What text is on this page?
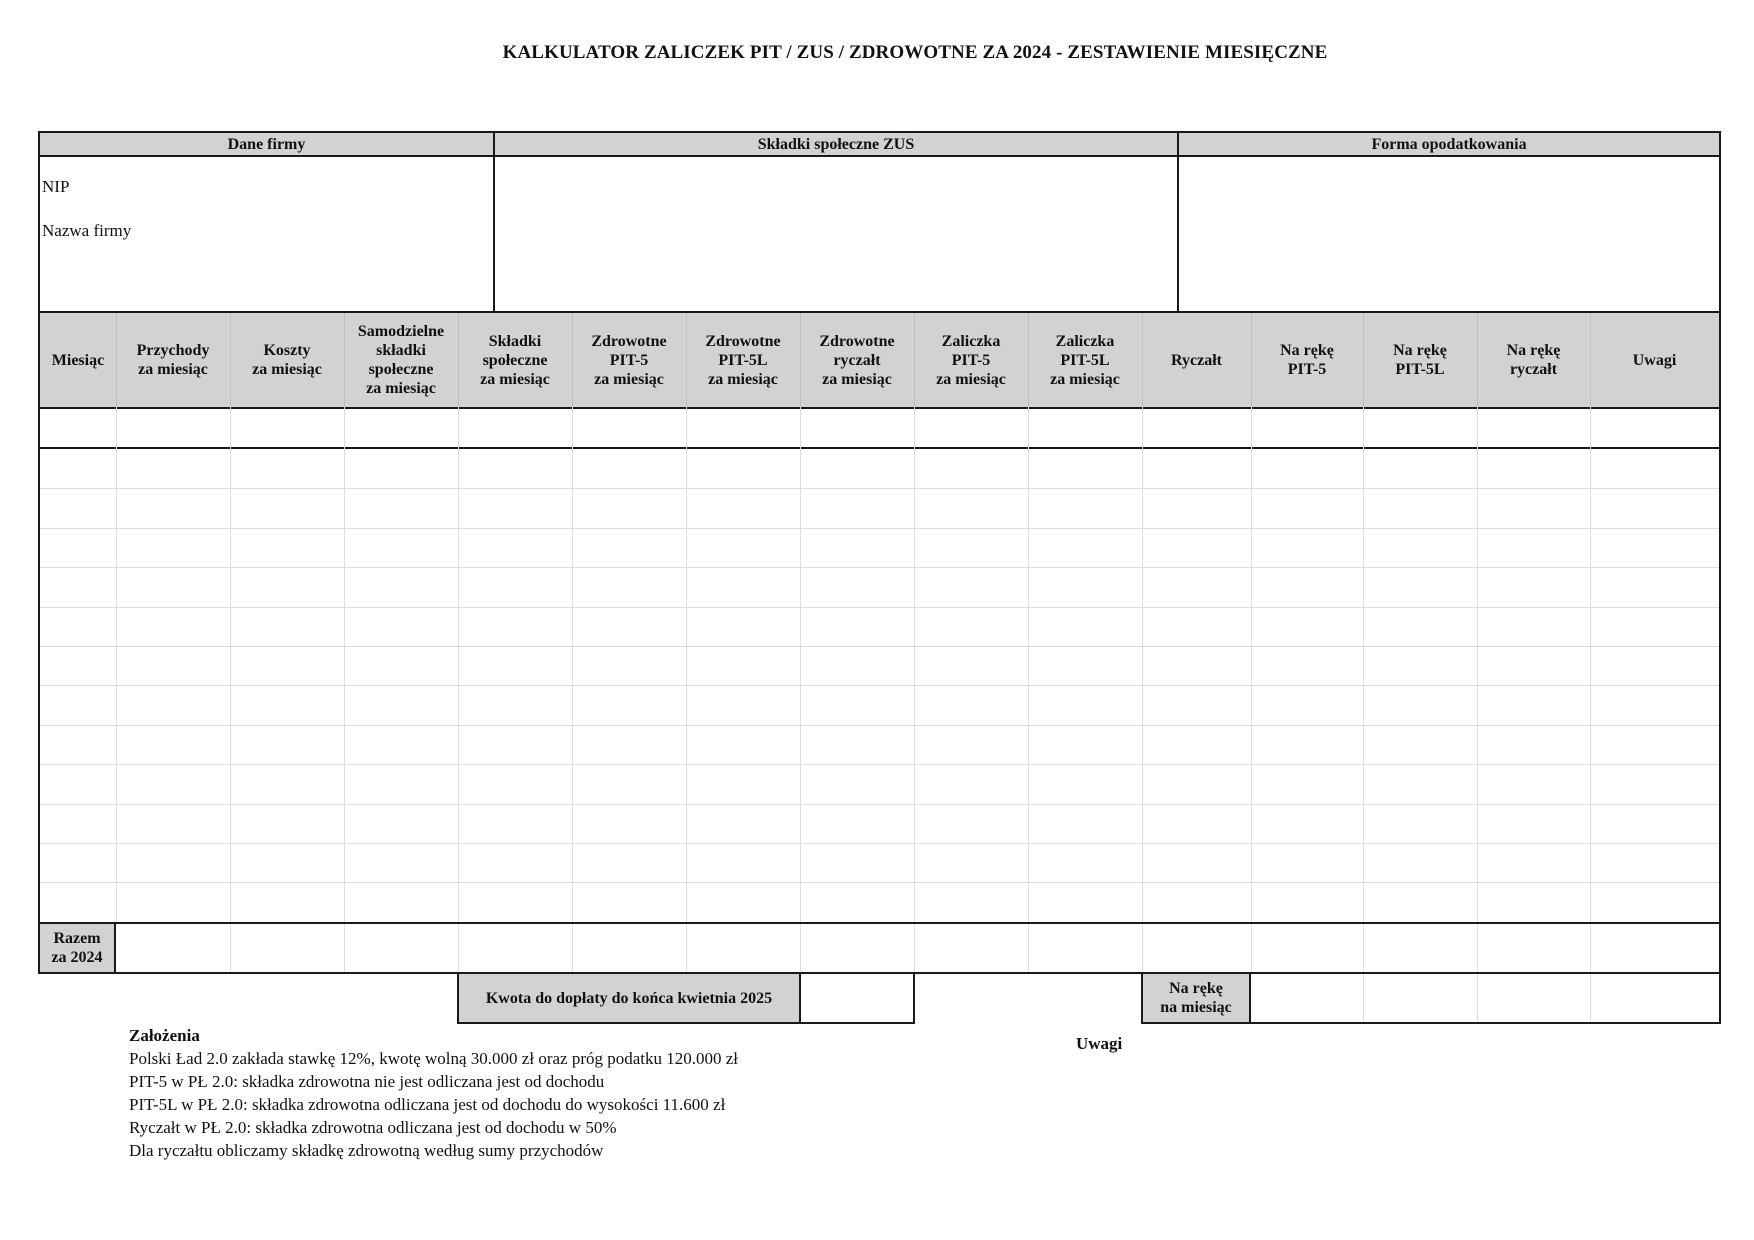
KALKULATOR ZALICZEK PIT / ZUS / ZDROWOTNE ZA 2024 - ZESTAWIENIE MIESIĘCZNE
Dane firmy
NIP
Nazwa firmy
Składki społeczne ZUS	Forma opodatkowania
Miesiąc
Przychody
za miesiąc
Koszty
za miesiąc
Samodzielne
składki
społeczne
za miesiąc
Składki
społeczne
za miesiąc
Zdrowotne
PIT-5
za miesiąc
Zdrowotne
PIT-5L
za miesiąc
Zdrowotne
ryczałt
za miesiąc
Zaliczka
PIT-5
za miesiąc
Zaliczka
PIT-5L
za miesiąc
Ryczałt
Na rękę
PIT-5
Na rękę
PIT-5L
Na rękę
ryczałt
Uwagi
Razem
za 2024
Kwota do dopłaty do końca kwietnia 2025
Na rękę
na miesiąc
Założenia
Polski Ład 2.0 zakłada stawkę 12%, kwotę wolną 30.000 zł oraz próg podatku 120.000 zł
PIT-5 w PŁ 2.0: składka zdrowotna nie jest odliczana jest od dochodu
PIT-5L w PŁ 2.0: składka zdrowotna odliczana jest od dochodu do wysokości 11.600 zł
Ryczałt w PŁ 2.0: składka zdrowotna odliczana jest od dochodu w 50%
Dla ryczałtu obliczamy składkę zdrowotną według sumy przychodów
Uwagi
